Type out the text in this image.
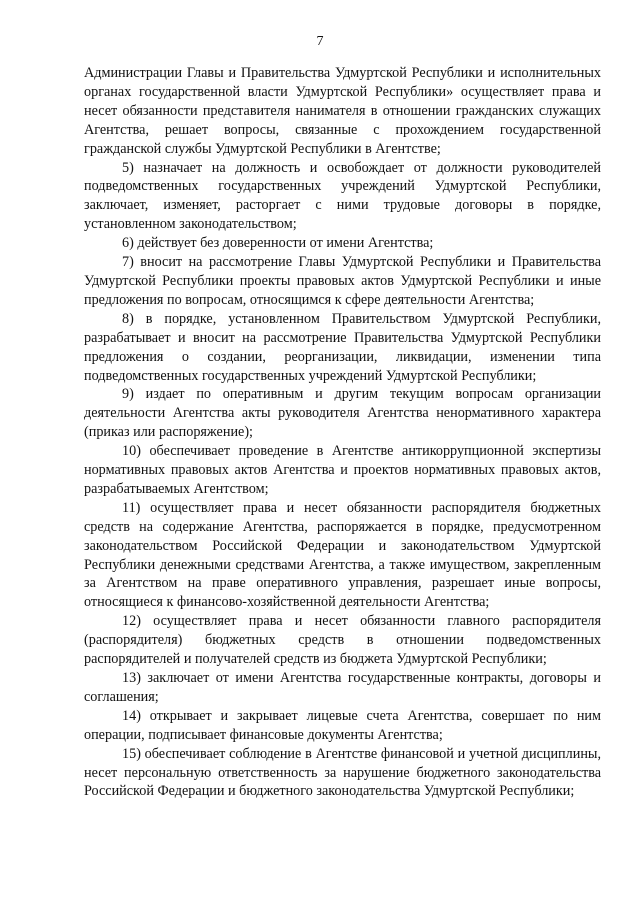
7

Администрации Главы и Правительства Удмуртской Республики и исполнительных органах государственной власти Удмуртской Республики» осуществляет права и несет обязанности представителя нанимателя в отношении гражданских служащих Агентства, решает вопросы, связанные с прохождением государственной гражданской службы Удмуртской Республики в Агентстве;

5) назначает на должность и освобождает от должности руководителей подведомственных государственных учреждений Удмуртской Республики, заключает, изменяет, расторгает с ними трудовые договоры в порядке, установленном законодательством;

6) действует без доверенности от имени Агентства;

7) вносит на рассмотрение Главы Удмуртской Республики и Правительства Удмуртской Республики проекты правовых актов Удмуртской Республики и иные предложения по вопросам, относящимся к сфере деятельности Агентства;

8) в порядке, установленном Правительством Удмуртской Республики, разрабатывает и вносит на рассмотрение Правительства Удмуртской Республики предложения о создании, реорганизации, ликвидации, изменении типа подведомственных государственных учреждений Удмуртской Республики;

9) издает по оперативным и другим текущим вопросам организации деятельности Агентства акты руководителя Агентства ненормативного характера (приказ или распоряжение);

10) обеспечивает проведение в Агентстве антикоррупционной экспертизы нормативных правовых актов Агентства и проектов нормативных правовых актов, разрабатываемых Агентством;

11) осуществляет права и несет обязанности распорядителя бюджетных средств на содержание Агентства, распоряжается в порядке, предусмотренном законодательством Российской Федерации и законодательством Удмуртской Республики денежными средствами Агентства, а также имуществом, закрепленным за Агентством на праве оперативного управления, разрешает иные вопросы, относящиеся к финансово-хозяйственной деятельности Агентства;

12) осуществляет права и несет обязанности главного распорядителя (распорядителя) бюджетных средств в отношении подведомственных распорядителей и получателей средств из бюджета Удмуртской Республики;

13) заключает от имени Агентства государственные контракты, договоры и соглашения;

14) открывает и закрывает лицевые счета Агентства, совершает по ним операции, подписывает финансовые документы Агентства;

15) обеспечивает соблюдение в Агентстве финансовой и учетной дисциплины, несет персональную ответственность за нарушение бюджетного законодательства Российской Федерации и бюджетного законодательства Удмуртской Республики;
